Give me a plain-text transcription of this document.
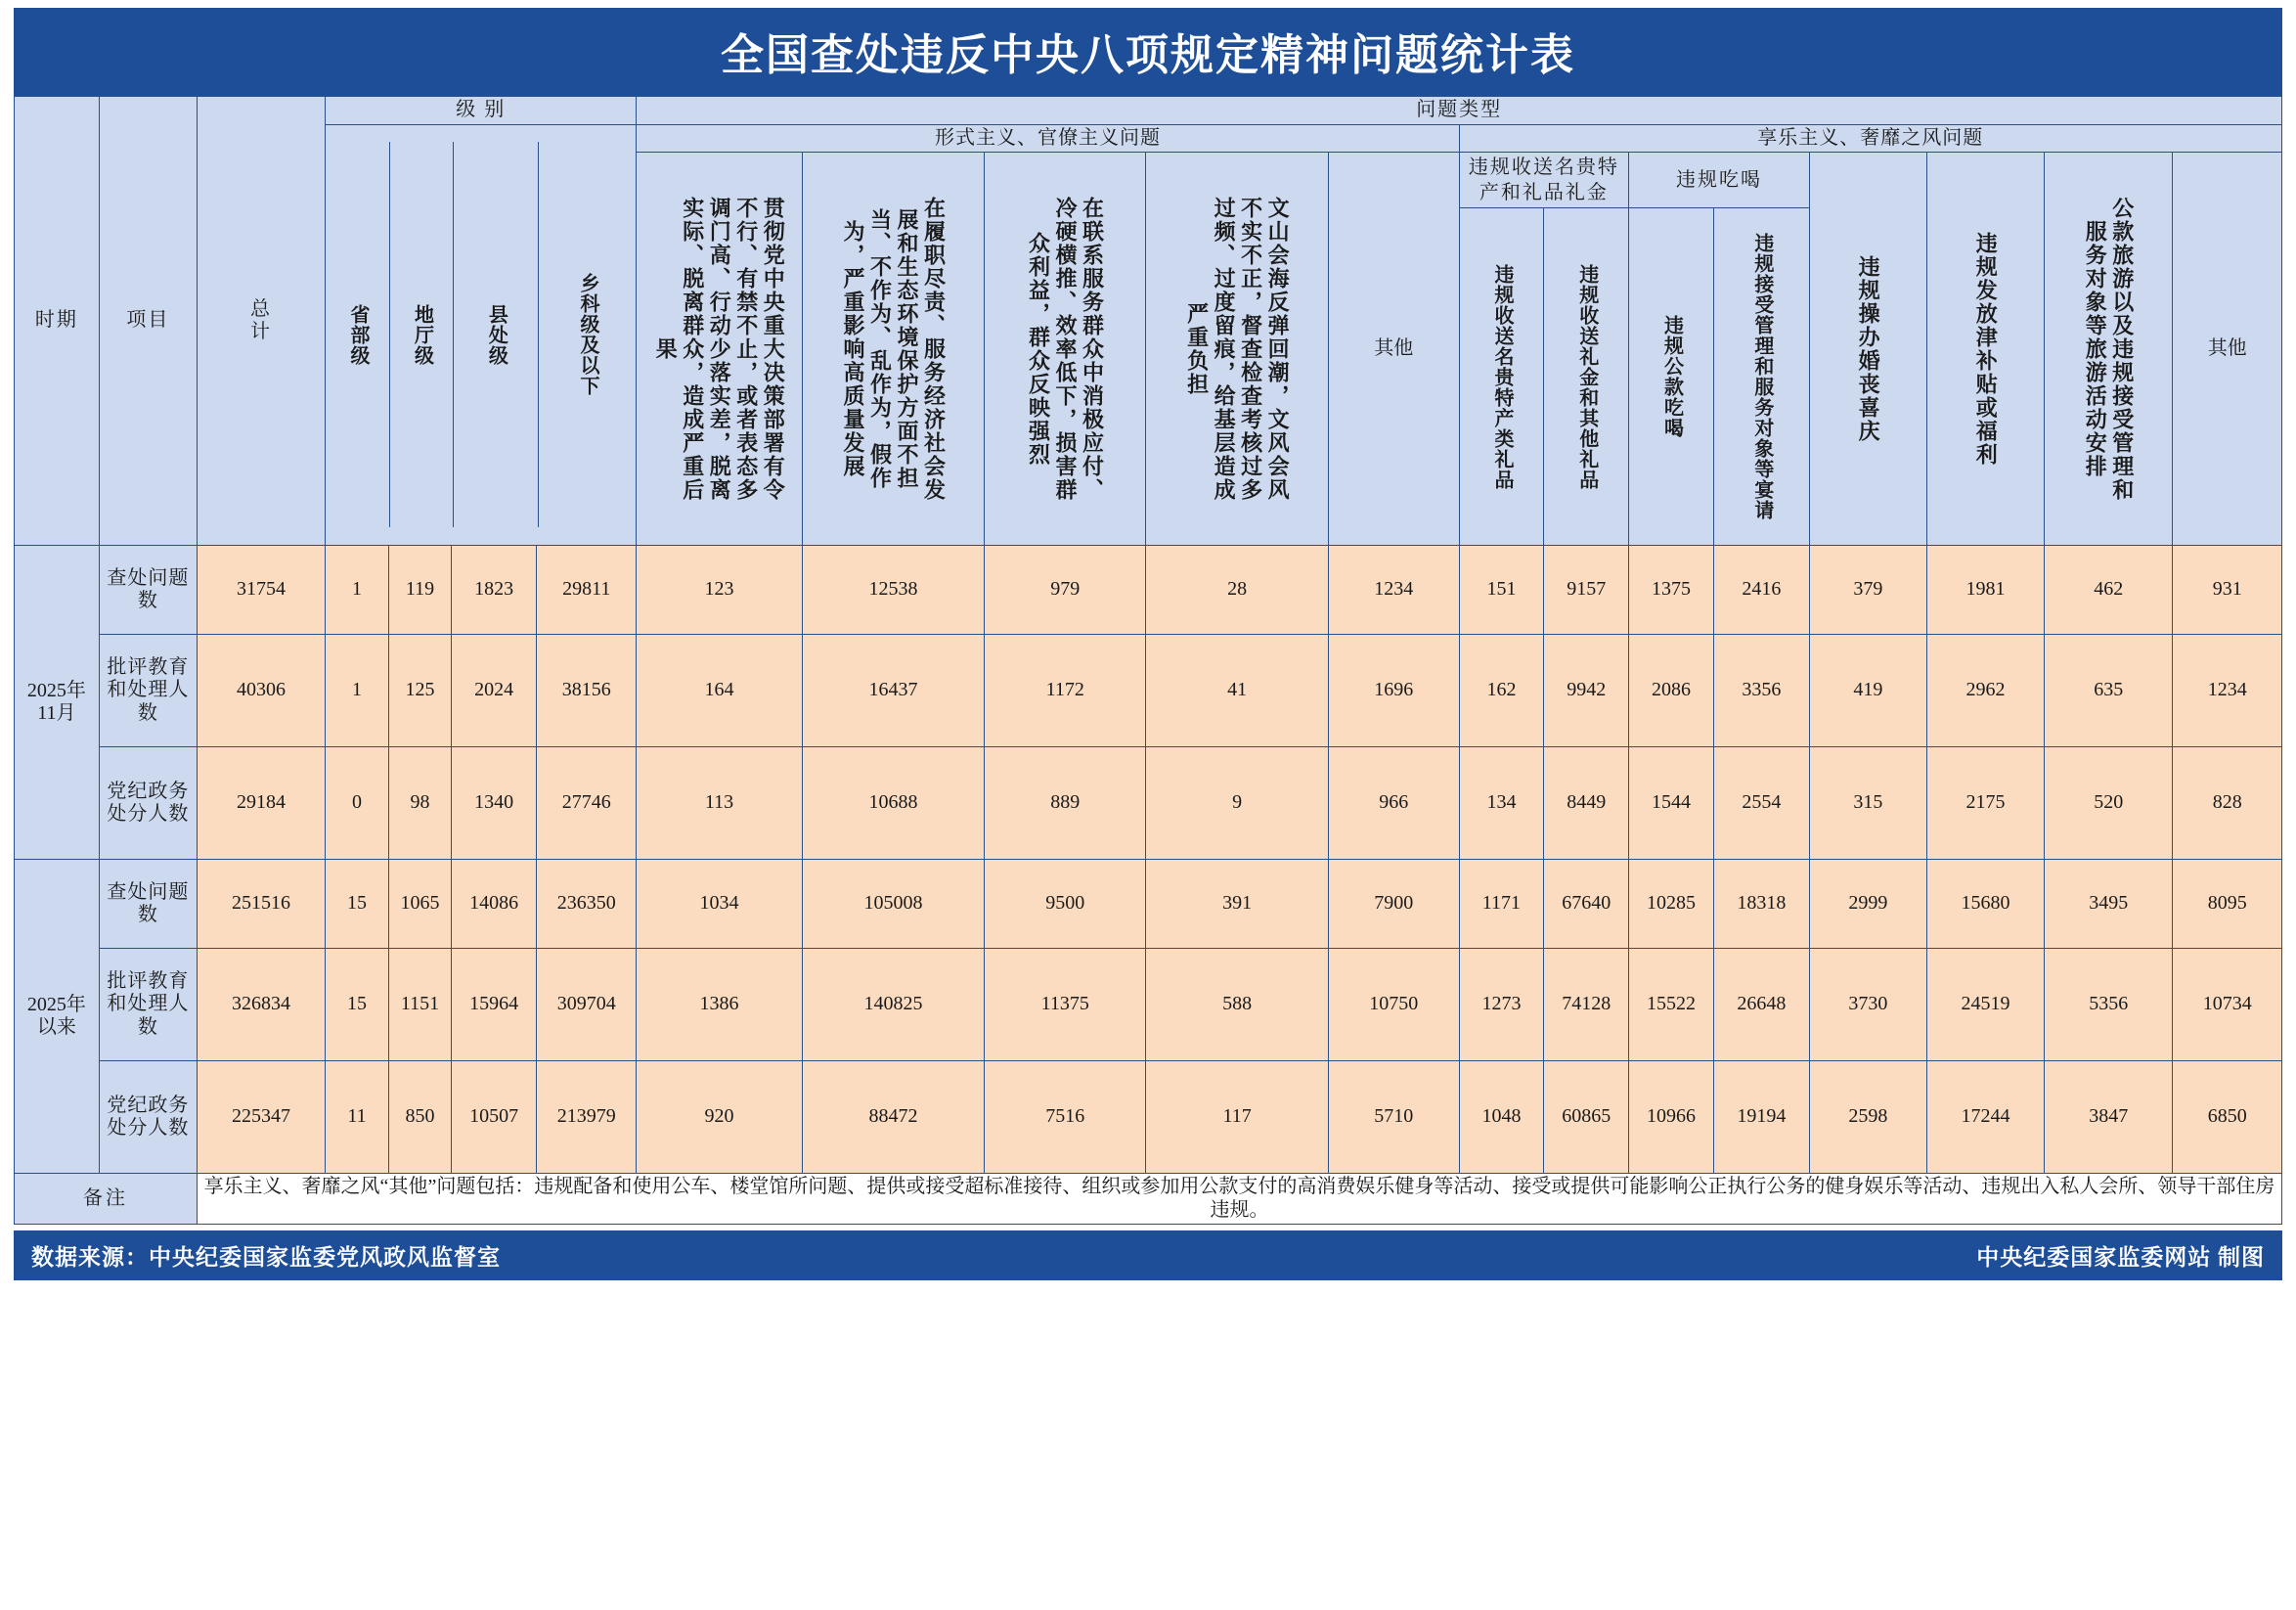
全国查处违反中央八项规定精神问题统计表
时期	项目	
总
计
	级 别	问题类型

省部级	地厅级	县处级	乡科级及以下
	形式主义、官僚主义问题	享乐主义、奢靡之风问题

贯彻党中央重大决策部署有令不行、有禁不止，或者表态多调门高、行动少落实差，脱离实际、脱离群众，造成严重后果	在履职尽责、服务经济社会发展和生态环境保护方面不担当、不作为、乱作为，假作为，严重影响高质量发展	在联系服务群众中消极应付、冷硬横推、效率低下，损害群众利益，群众反映强烈	文山会海反弹回潮，文风会风不实不正，督查检查考核过多过频、过度留痕，给基层造成严重负担	其他	
违规收送名贵特产和礼品礼金

违规吃喝

违规操办婚丧喜庆	违规发放津补贴或福利	公款旅游以及违规接受管理和服务对象等旅游活动安排	其他

违规收送名贵特产类礼品	违规收送礼金和其他礼品	违规公款吃喝	违规接受管理和服务对象等宴请

2025年
11月
	查处问题数	31754	1	119	1823	29811	123	12538	979	28	1234	151	9157	1375	2416	379	1981	462	931
批评教育和处理人数	40306	1	125	2024	38156	164	16437	1172	41	1696	162	9942	2086	3356	419	2962	635	1234
党纪政务处分人数	29184	0	98	1340	27746	113	10688	889	9	966	134	8449	1544	2554	315	2175	520	828

2025年
以来
	查处问题数	251516	15	1065	14086	236350	1034	105008	9500	391	7900	1171	67640	10285	18318	2999	15680	3495	8095
批评教育和处理人数	326834	15	1151	15964	309704	1386	140825	11375	588	10750	1273	74128	15522	26648	3730	24519	5356	10734
党纪政务处分人数	225347	11	850	10507	213979	920	88472	7516	117	5710	1048	60865	10966	19194	2598	17244	3847	6850
备注	享乐主义、奢靡之风“其他”问题包括：违规配备和使用公车、楼堂馆所问题、提供或接受超标准接待、组织或参加用公款支付的高消费娱乐健身等活动、接受或提供可能影响公正执行公务的健身娱乐等活动、违规出入私人会所、领导干部住房违规。
数据来源：中央纪委国家监委党风政风监督室	中央纪委国家监委网站 制图
